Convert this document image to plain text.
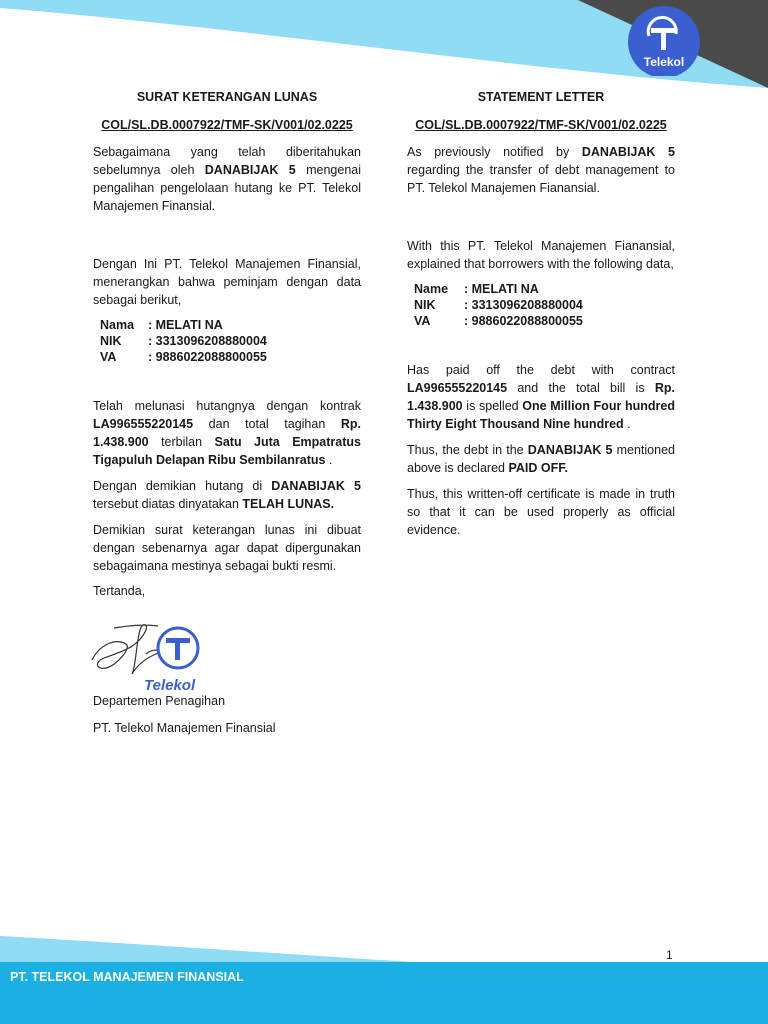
Telekol
SURAT KETERANGAN LUNAS
COL/SL.DB.0007922/TMF-SK/V001/02.0225

Sebagaimana yang telah diberitahukan sebelumnya oleh DANABIJAK 5 mengenai pengalihan pengelolaan hutang ke PT. Telekol Manajemen Finansial.

Dengan Ini PT. Telekol Manajemen Finansial, menerangkan bahwa peminjam dengan data sebagai berikut,

Nama	: MELATI NA
NIK	: 3313096208880004
VA	: 9886022088800055

Telah melunasi hutangnya dengan kontrak LA996555220145 dan total tagihan Rp. 1.438.900 terbilan Satu Juta Empatratus Tigapuluh Delapan Ribu Sembilanratus .

Dengan demikian hutang di DANABIJAK 5 tersebut diatas dinyatakan TELAH LUNAS.

Demikian surat keterangan lunas ini dibuat dengan sebenarnya agar dapat dipergunakan sebagaimana mestinya sebagai bukti resmi.

STATEMENT LETTER
COL/SL.DB.0007922/TMF-SK/V001/02.0225

As previously notified by DANABIJAK 5 regarding the transfer of debt management to PT. Telekol Manajemen Fianansial.

With this PT. Telekol Manajemen Fianansial, explained that borrowers with the following data,

Name	: MELATI NA
NIK	: 3313096208880004
VA	: 9886022088800055

Has paid off the debt with contract LA996555220145 and the total bill is Rp. 1.438.900 is spelled One Million Four hundred Thirty Eight Thousand Nine hundred .

Thus, the debt in the DANABIJAK 5 mentioned above is declared PAID OFF.

Thus, this written-off certificate is made in truth so that it can be used properly as official evidence.

Tertanda,
Telekol
Departemen Penagihan
PT. Telekol Manajemen Finansial
1
PT. TELEKOL MANAJEMEN FINANSIAL
